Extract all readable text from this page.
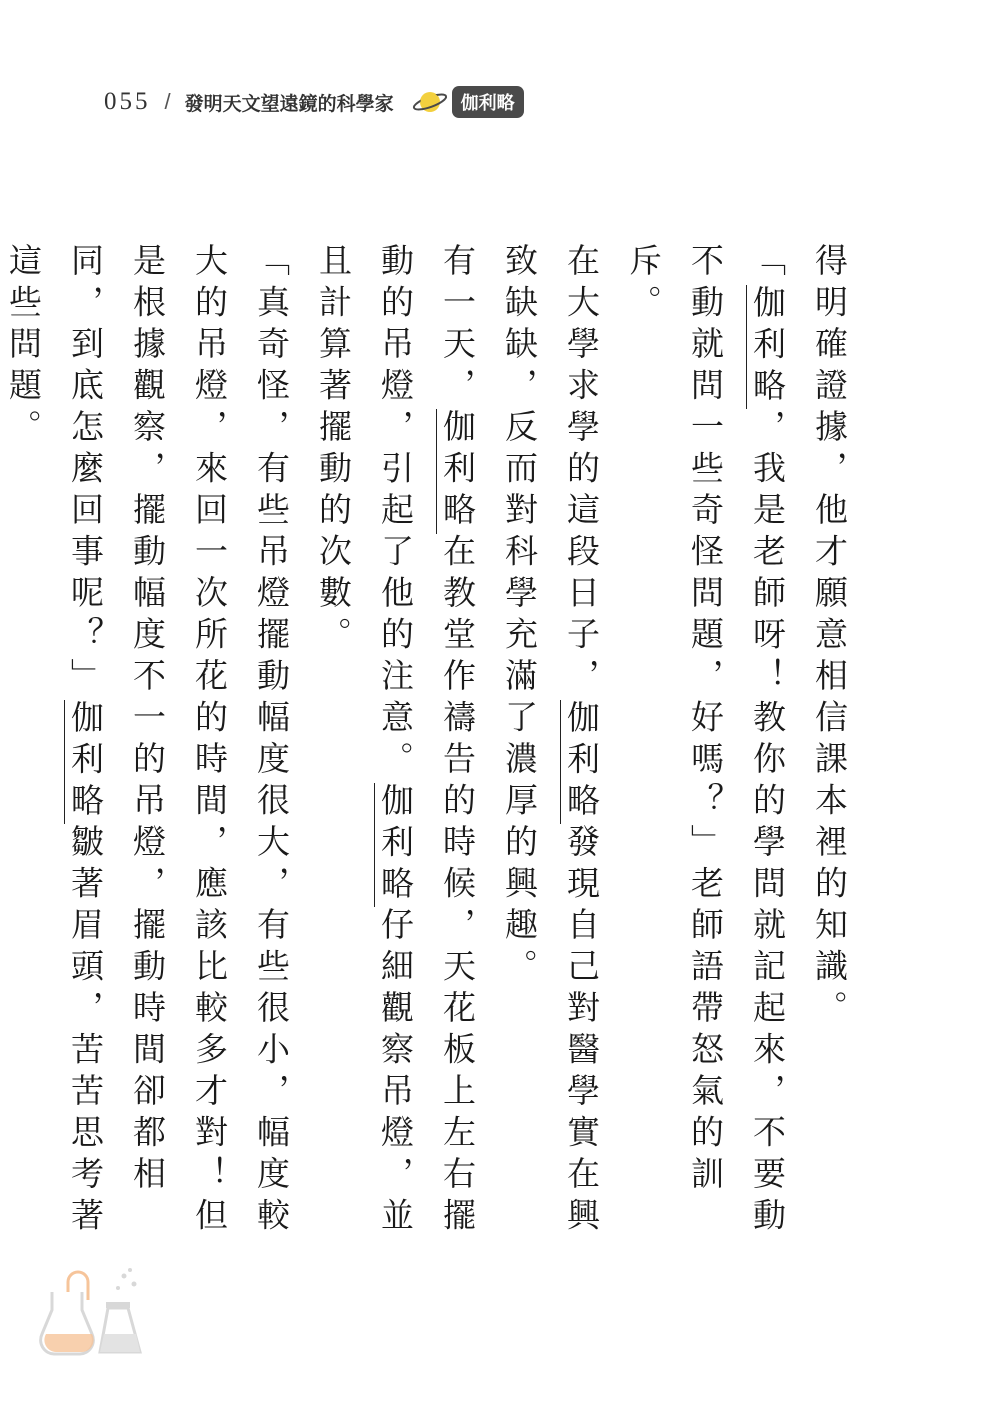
055 / 發明天文望遠鏡的科學家	伽利略

得明確證據，他才願意相信課本裡的知識。

「伽利略，我是老師呀！教你的學問就記起來，不要動不動就問一些奇怪問題，好嗎？」老師語帶怒氣的訓斥。

在大學求學的這段日子，伽利略發現自己對醫學實在興致缺缺，反而對科學充滿了濃厚的興趣。

有一天，伽利略在教堂作禱告的時候，天花板上左右擺動的吊燈，引起了他的注意。伽利略仔細觀察吊燈，並且計算著擺動的次數。

「真奇怪，有些吊燈擺動幅度很大，有些很小，幅度較大的吊燈，來回一次所花的時間，應該比較多才對！但是根據觀察，擺動幅度不一的吊燈，擺動時間卻都相同，到底怎麼回事呢？」伽利略皺著眉頭，苦苦思考著這些問題。
